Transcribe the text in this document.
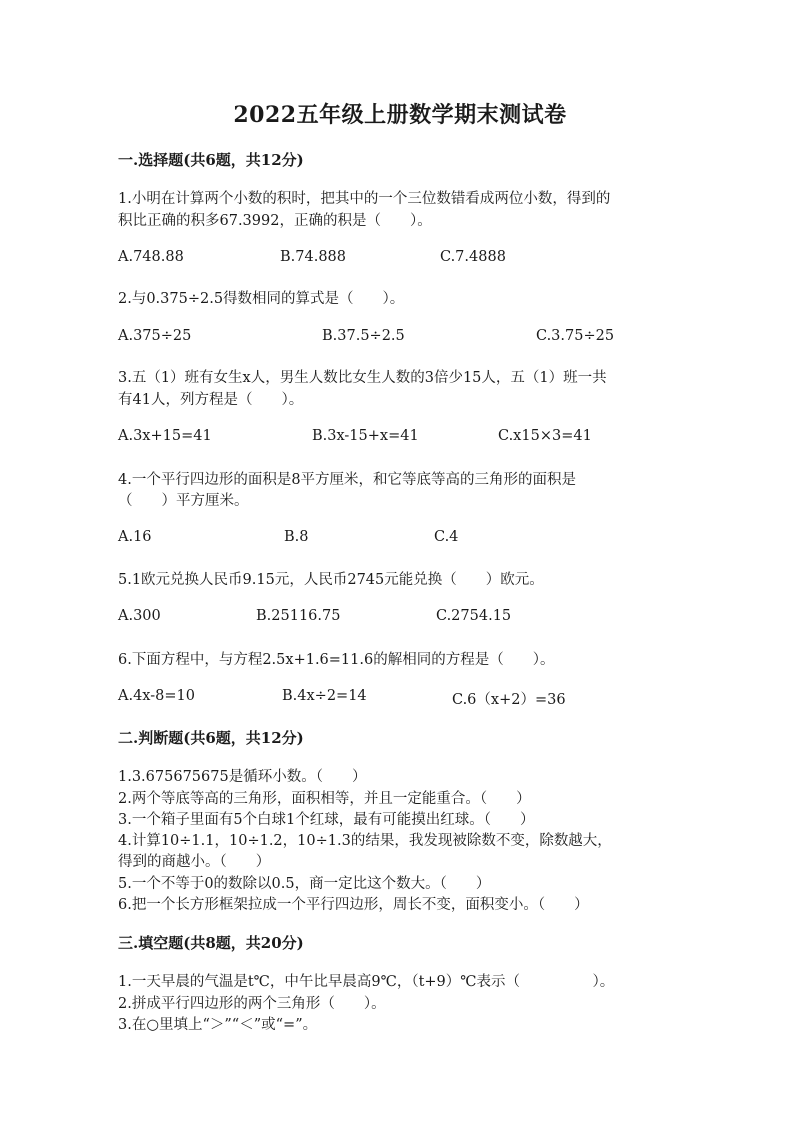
2022五年级上册数学期末测试卷
一.选择题(共6题，共12分)
1.小明在计算两个小数的积时，把其中的一个三位数错看成两位小数，得到的
积比正确的积多67.3992，正确的积是（　　）。
A.748.88	B.74.888	C.7.4888
2.与0.375÷2.5得数相同的算式是（　　）。
A.375÷25	B.37.5÷2.5	C.3.75÷25
3.五（1）班有女生x人，男生人数比女生人数的3倍少15人，五（1）班一共
有41人，列方程是（　　）。
A.3x+15=41	B.3x-15+x=41	C.x15×3=41
4.一个平行四边形的面积是8平方厘米，和它等底等高的三角形的面积是
（　　）平方厘米。
A.16	B.8	C.4
5.1欧元兑换人民币9.15元，人民币2745元能兑换（　　）欧元。
A.300	B.25116.75	C.2754.15
6.下面方程中，与方程2.5x+1.6=11.6的解相同的方程是（　　）。
A.4x-8=10	B.4x÷2=14	C.6（x+2）=36
二.判断题(共6题，共12分)
1.3.675675675是循环小数。（　　）
2.两个等底等高的三角形，面积相等，并且一定能重合。（　　）
3.一个箱子里面有5个白球1个红球，最有可能摸出红球。（　　）
4.计算10÷1.1，10÷1.2，10÷1.3的结果，我发现被除数不变，除数越大，
得到的商越小。（　　）
5.一个不等于0的数除以0.5，商一定比这个数大。（　　）
6.把一个长方形框架拉成一个平行四边形，周长不变，面积变小。（　　）
三.填空题(共8题，共20分)
1.一天早晨的气温是t℃，中午比早晨高9℃，（t+9）℃表示（　　　　　）。
2.拼成平行四边形的两个三角形（　　）。
3.在○里填上“＞”“＜”或“=”。
